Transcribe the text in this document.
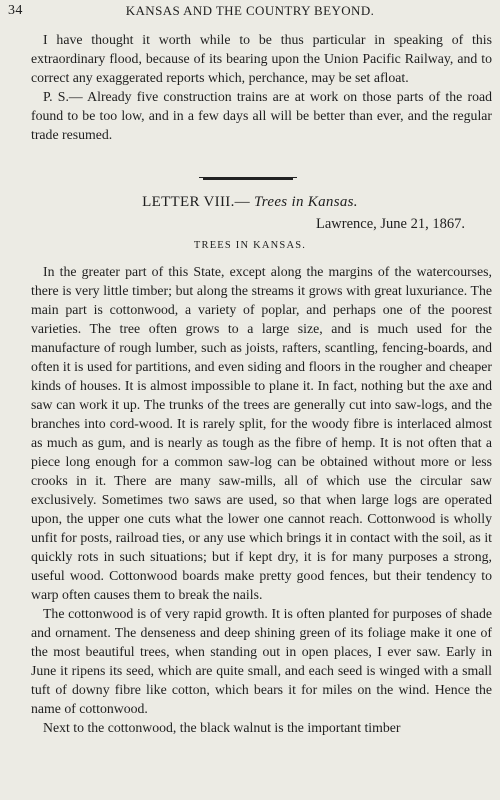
34	KANSAS AND THE COUNTRY BEYOND.

I have thought it worth while to be thus particular in speaking of this extraordinary flood, because of its bearing upon the Union Pacific Railway, and to correct any exaggerated reports which, perchance, may be set afloat.

P. S.— Already five construction trains are at work on those parts of the road found to be too low, and in a few days all will be better than ever, and the regular trade resumed.

LETTER VIII.— Trees in Kansas.
Lawrence, June 21, 1867.
TREES IN KANSAS.

In the greater part of this State, except along the margins of the watercourses, there is very little timber; but along the streams it grows with great luxuriance. The main part is cottonwood, a variety of poplar, and perhaps one of the poorest varieties. The tree often grows to a large size, and is much used for the manufacture of rough lumber, such as joists, rafters, scantling, fencing-boards, and often it is used for partitions, and even siding and floors in the rougher and cheaper kinds of houses. It is almost impossible to plane it. In fact, nothing but the axe and saw can work it up. The trunks of the trees are generally cut into saw-logs, and the branches into cord-wood. It is rarely split, for the woody fibre is interlaced almost as much as gum, and is nearly as tough as the fibre of hemp. It is not often that a piece long enough for a common saw-log can be obtained without more or less crooks in it. There are many saw-mills, all of which use the circular saw exclusively. Sometimes two saws are used, so that when large logs are operated upon, the upper one cuts what the lower one cannot reach. Cottonwood is wholly unfit for posts, railroad ties, or any use which brings it in contact with the soil, as it quickly rots in such situations; but if kept dry, it is for many purposes a strong, useful wood. Cottonwood boards make pretty good fences, but their tendency to warp often causes them to break the nails.

The cottonwood is of very rapid growth. It is often planted for purposes of shade and ornament. The denseness and deep shining green of its foliage make it one of the most beautiful trees, when standing out in open places, I ever saw. Early in June it ripens its seed, which are quite small, and each seed is winged with a small tuft of downy fibre like cotton, which bears it for miles on the wind. Hence the name of cottonwood.

Next to the cottonwood, the black walnut is the important timber
